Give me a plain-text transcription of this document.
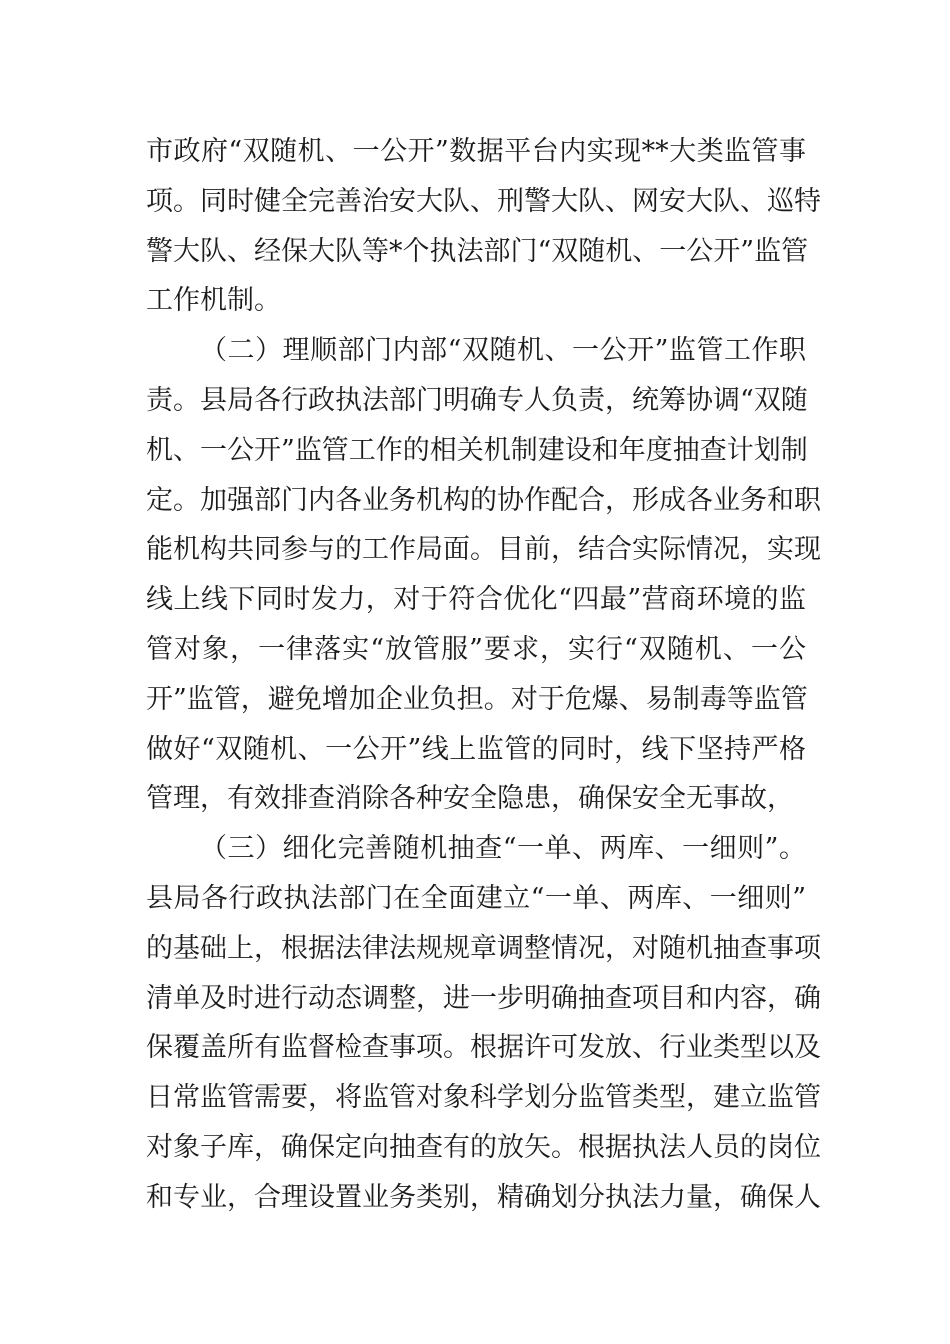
市政府“双随机、一公开”数据平台内实现**大类监管事
项。同时健全完善治安大队、刑警大队、网安大队、巡特
警大队、经保大队等*个执法部门“双随机、一公开”监管
工作机制。
（二）理顺部门内部“双随机、一公开”监管工作职
责。县局各行政执法部门明确专人负责，统筹协调“双随
机、一公开”监管工作的相关机制建设和年度抽查计划制
定。加强部门内各业务机构的协作配合，形成各业务和职
能机构共同参与的工作局面。目前，结合实际情况，实现
线上线下同时发力，对于符合优化“四最”营商环境的监
管对象，一律落实“放管服”要求，实行“双随机、一公
开”监管，避免增加企业负担。对于危爆、易制毒等监管
做好“双随机、一公开”线上监管的同时，线下坚持严格
管理，有效排查消除各种安全隐患，确保安全无事故，
（三）细化完善随机抽查“一单、两库、一细则”。
县局各行政执法部门在全面建立“一单、两库、一细则”
的基础上，根据法律法规规章调整情况，对随机抽查事项
清单及时进行动态调整，进一步明确抽查项目和内容，确
保覆盖所有监督检查事项。根据许可发放、行业类型以及
日常监管需要，将监管对象科学划分监管类型，建立监管
对象子库，确保定向抽查有的放矢。根据执法人员的岗位
和专业，合理设置业务类别，精确划分执法力量，确保人
